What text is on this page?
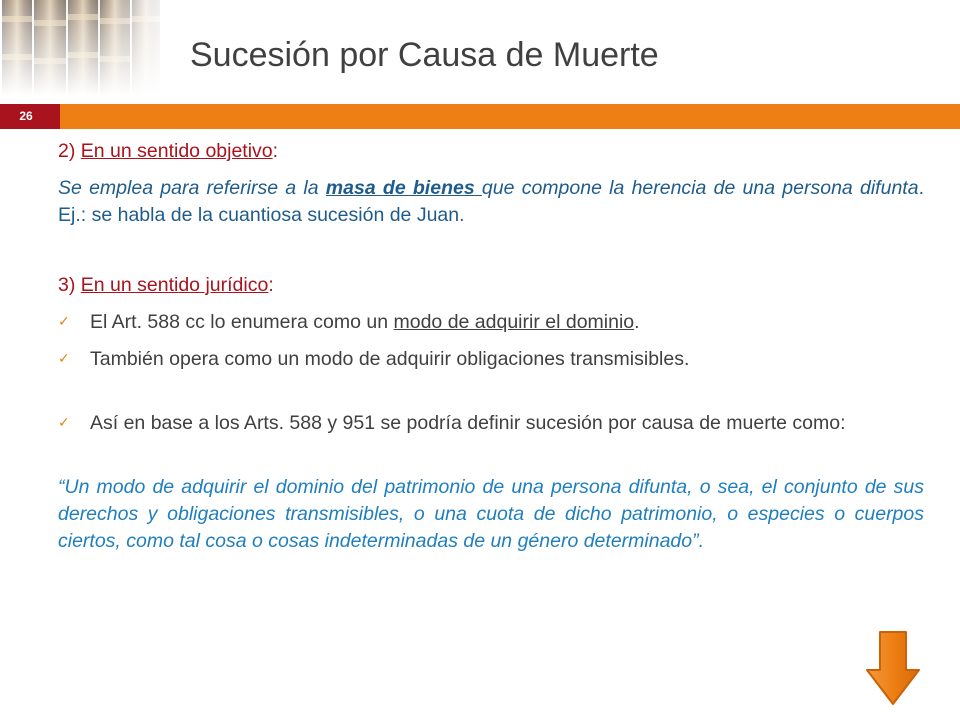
Sucesión por Causa de Muerte
26

2) En un sentido objetivo:

Se emplea para referirse a la masa de bienes que compone la herencia de una persona difunta. Ej.: se habla de la cuantiosa sucesión de Juan.

3) En un sentido jurídico:

✓ El Art. 588 cc lo enumera como un modo de adquirir el dominio.

✓ También opera como un modo de adquirir obligaciones transmisibles.

✓ Así en base a los Arts. 588 y 951 se podría definir sucesión por causa de muerte como:

“Un modo de adquirir el dominio del patrimonio de una persona difunta, o sea, el conjunto de sus derechos y obligaciones transmisibles, o una cuota de dicho patrimonio, o especies o cuerpos ciertos, como tal cosa o cosas indeterminadas de un género determinado”.
